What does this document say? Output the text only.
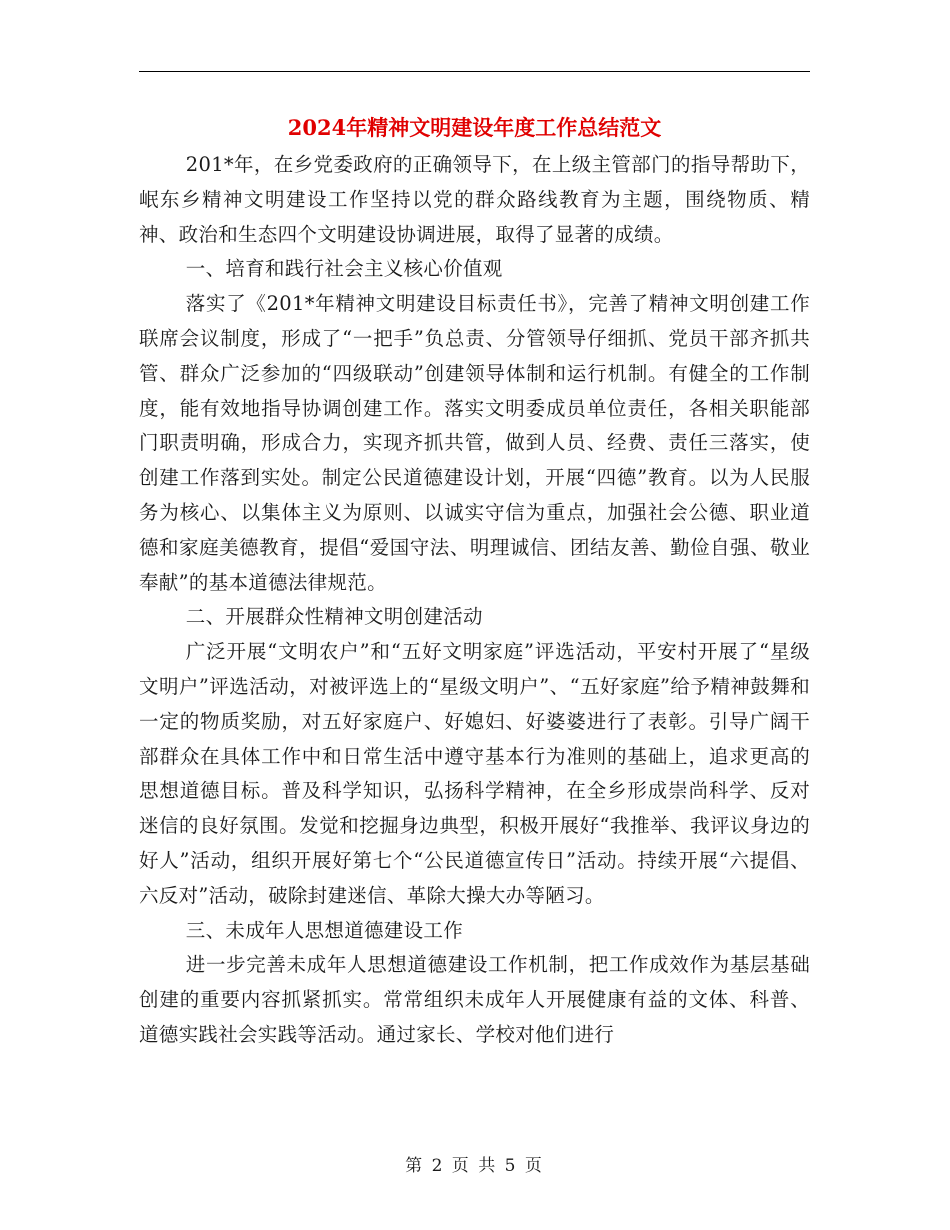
2024年精神文明建设年度工作总结范文

201*年，在乡党委政府的正确领导下，在上级主管部门的指导帮助下，岷东乡精神文明建设工作坚持以党的群众路线教育为主题，围绕物质、精神、政治和生态四个文明建设协调进展，取得了显著的成绩。

一、培育和践行社会主义核心价值观

落实了《201*年精神文明建设目标责任书》，完善了精神文明创建工作联席会议制度，形成了“一把手”负总责、分管领导仔细抓、党员干部齐抓共管、群众广泛参加的“四级联动”创建领导体制和运行机制。有健全的工作制度，能有效地指导协调创建工作。落实文明委成员单位责任，各相关职能部门职责明确，形成合力，实现齐抓共管，做到人员、经费、责任三落实，使创建工作落到实处。制定公民道德建设计划，开展“四德”教育。以为人民服务为核心、以集体主义为原则、以诚实守信为重点，加强社会公德、职业道德和家庭美德教育，提倡“爱国守法、明理诚信、团结友善、勤俭自强、敬业奉献”的基本道德法律规范。

二、开展群众性精神文明创建活动

广泛开展“文明农户”和“五好文明家庭”评选活动，平安村开展了“星级文明户”评选活动，对被评选上的“星级文明户”、“五好家庭”给予精神鼓舞和一定的物质奖励，对五好家庭户、好媳妇、好婆婆进行了表彰。引导广阔干部群众在具体工作中和日常生活中遵守基本行为准则的基础上，追求更高的思想道德目标。普及科学知识，弘扬科学精神，在全乡形成崇尚科学、反对迷信的良好氛围。发觉和挖掘身边典型，积极开展好“我推举、我评议身边的好人”活动，组织开展好第七个“公民道德宣传日”活动。持续开展“六提倡、六反对”活动，破除封建迷信、革除大操大办等陋习。

三、未成年人思想道德建设工作

进一步完善未成年人思想道德建设工作机制，把工作成效作为基层基础创建的重要内容抓紧抓实。常常组织未成年人开展健康有益的文体、科普、道德实践社会实践等活动。通过家长、学校对他们进行

第 2 页 共 5 页
